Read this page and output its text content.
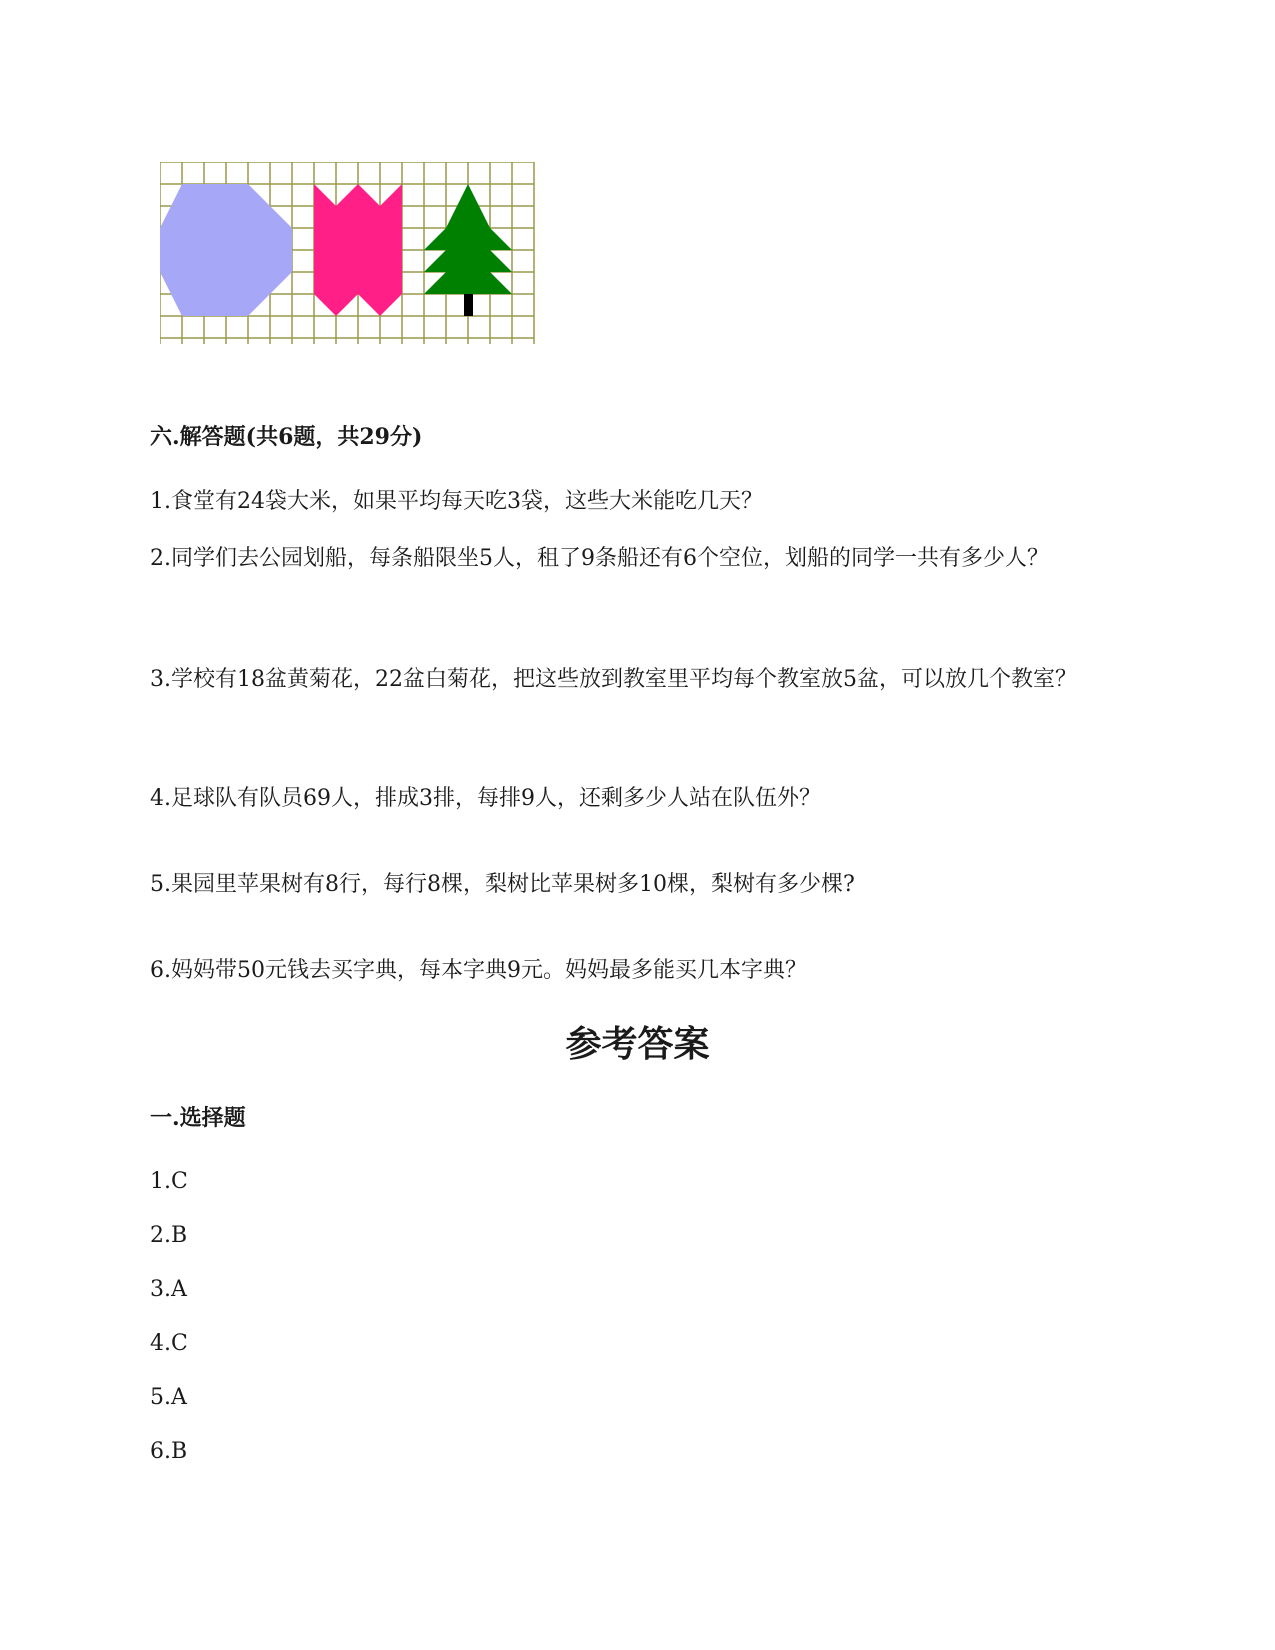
六.解答题(共6题，共29分)

1.食堂有24袋大米，如果平均每天吃3袋，这些大米能吃几天？

2.同学们去公园划船，每条船限坐5人，租了9条船还有6个空位，划船的同学一共有多少人？

3.学校有18盆黄菊花，22盆白菊花，把这些放到教室里平均每个教室放5盆，可以放几个教室？

4.足球队有队员69人，排成3排，每排9人，还剩多少人站在队伍外？

5.果园里苹果树有8行，每行8棵，梨树比苹果树多10棵，梨树有多少棵?

6.妈妈带50元钱去买字典，每本字典9元。妈妈最多能买几本字典？

参考答案
一.选择题

1.C

2.B

3.A

4.C

5.A

6.B
